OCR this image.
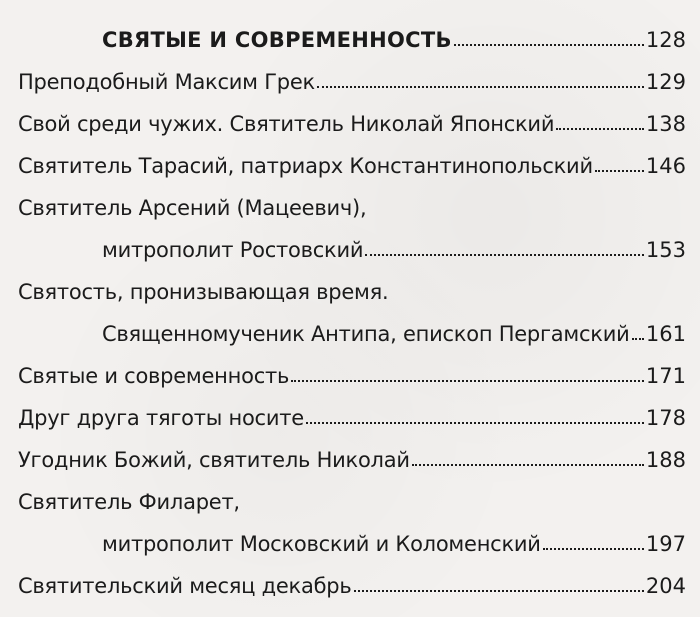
СВЯТЫЕ И СОВРЕМЕННОСТЬ	128
Преподобный Максим Грек	129
Свой среди чужих. Святитель Николай Японский	138
Святитель Тарасий, патриарх Константинопольский	146
Святитель Арсений (Мацеевич),
митрополит Ростовский	153
Святость, пронизывающая время.
Священномученик Антипа, епископ Пергамский 161
Святые и современность	171
Друг друга тяготы носите	178
Угодник Божий, святитель Николай	188
Святитель Филарет,
митрополит Московский и Коломенский	197
Святительский месяц декабрь	204
